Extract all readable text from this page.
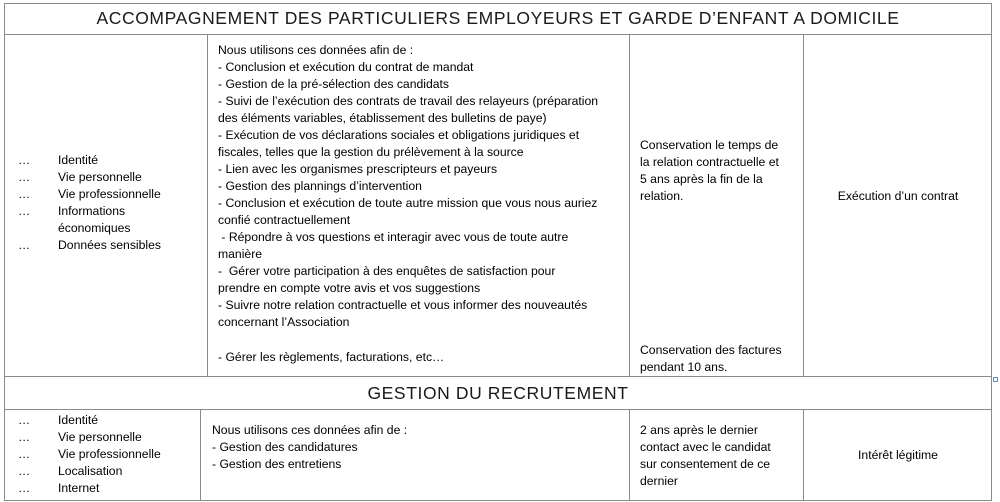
ACCOMPAGNEMENT DES PARTICULIERS EMPLOYEURS ET GARDE D’ENFANT A DOMICILE
… Identité
… Vie personnelle
… Vie professionnelle
… Informations
économiques
… Données sensibles
Nous utilisons ces données afin de :
- Conclusion et exécution du contrat de mandat
- Gestion de la pré-sélection des candidats
- Suivi de l’exécution des contrats de travail des relayeurs (préparation
des éléments variables, établissement des bulletins de paye)
- Exécution de vos déclarations sociales et obligations juridiques et
fiscales, telles que la gestion du prélèvement à la source
- Lien avec les organismes prescripteurs et payeurs
- Gestion des plannings d’intervention
- Conclusion et exécution de toute autre mission que vous nous auriez
confié contractuellement
- Répondre à vos questions et interagir avec vous de toute autre
manière
-  Gérer votre participation à des enquêtes de satisfaction pour
prendre en compte votre avis et vos suggestions
- Suivre notre relation contractuelle et vous informer des nouveautés
concernant l’Association
- Gérer les règlements, facturations, etc…
Conservation le temps de
la relation contractuelle et
5 ans après la fin de la
relation.
Conservation des factures
pendant 10 ans.
Exécution d’un contrat
GESTION DU RECRUTEMENT
… Identité
… Vie personnelle
… Vie professionnelle
… Localisation
… Internet
Nous utilisons ces données afin de :
- Gestion des candidatures
- Gestion des entretiens
2 ans après le dernier
contact avec le candidat
sur consentement de ce
dernier
Intérêt légitime
